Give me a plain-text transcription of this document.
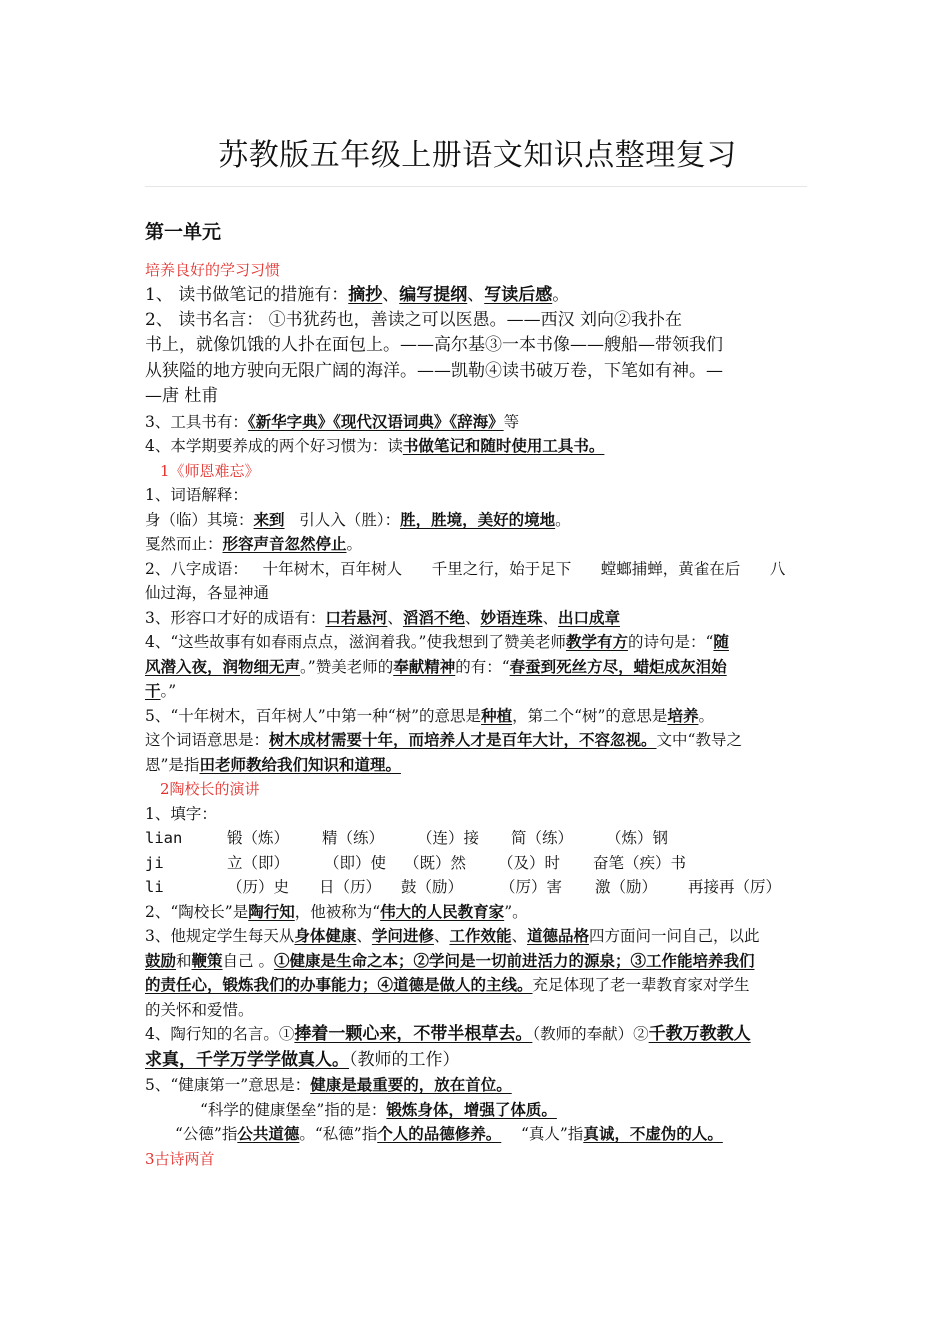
苏教版五年级上册语文知识点整理复习
第一单元
培养良好的学习习惯
1、 读书做笔记的措施有：摘抄、编写提纲、写读后感。
2、 读书名言： ①书犹药也，善读之可以医愚。——西汉 刘向②我扑在
书上，就像饥饿的人扑在面包上。——高尔基③一本书像——艘船—带领我们
从狭隘的地方驶向无限广阔的海洋。——凯勒④读书破万卷，下笔如有神。—
—唐 杜甫
3、工具书有：《新华字典》《现代汉语词典》《辞海》等
4、本学期要养成的两个好习惯为：读书做笔记和随时使用工具书。
1《师恩难忘》
1、词语解释：
身（临）其境：来到   引人入（胜）：胜，胜境，美好的境地。
戛然而止：形容声音忽然停止。
2、八字成语：   十年树木，百年树人      千里之行，始于足下      螳螂捕蝉，黄雀在后      八
仙过海，各显神通
3、形容口才好的成语有：口若悬河、滔滔不绝、妙语连珠、出口成章
4、“这些故事有如春雨点点，滋润着我。”使我想到了赞美老师教学有方的诗句是：“随
风潜入夜，润物细无声。”赞美老师的奉献精神的有：“春蚕到死丝方尽，蜡炬成灰泪始
干。”
5、“十年树木，百年树人”中第一种“树”的意思是种植，第二个“树”的意思是培养。
这个词语意思是：树木成材需要十年，而培养人才是百年大计，不容忽视。文中“教导之
恩”是指田老师教给我们知识和道理。
2陶校长的演讲
1、填字：
lian	锻（炼）	精（练）	（连）接	简（练）	（炼）钢
ji	立（即）	（即）使	（既）然	（及）时	奋笔（疾）书
li	（历）史	日（历）	鼓（励）	（厉）害	激（励）	再接再（厉）
2、“陶校长”是陶行知，他被称为“伟大的人民教育家”。
3、他规定学生每天从身体健康、学问进修、工作效能、道德品格四方面问一问自己，以此
鼓励和鞭策自己 。①健康是生命之本；②学问是一切前进活力的源泉；③工作能培养我们
的责任心，锻炼我们的办事能力；④道德是做人的主线。充足体现了老一辈教育家对学生
的关怀和爱惜。
4、陶行知的名言。①捧着一颗心来，不带半根草去。（教师的奉献）②千教万教教人
求真，千学万学学做真人。（教师的工作）
5、“健康第一”意思是：健康是最重要的，放在首位。
“科学的健康堡垒”指的是：锻炼身体，增强了体质。
“公德”指公共道德。“私德”指个人的品德修养。    “真人”指真诚，不虚伪的人。
3古诗两首
